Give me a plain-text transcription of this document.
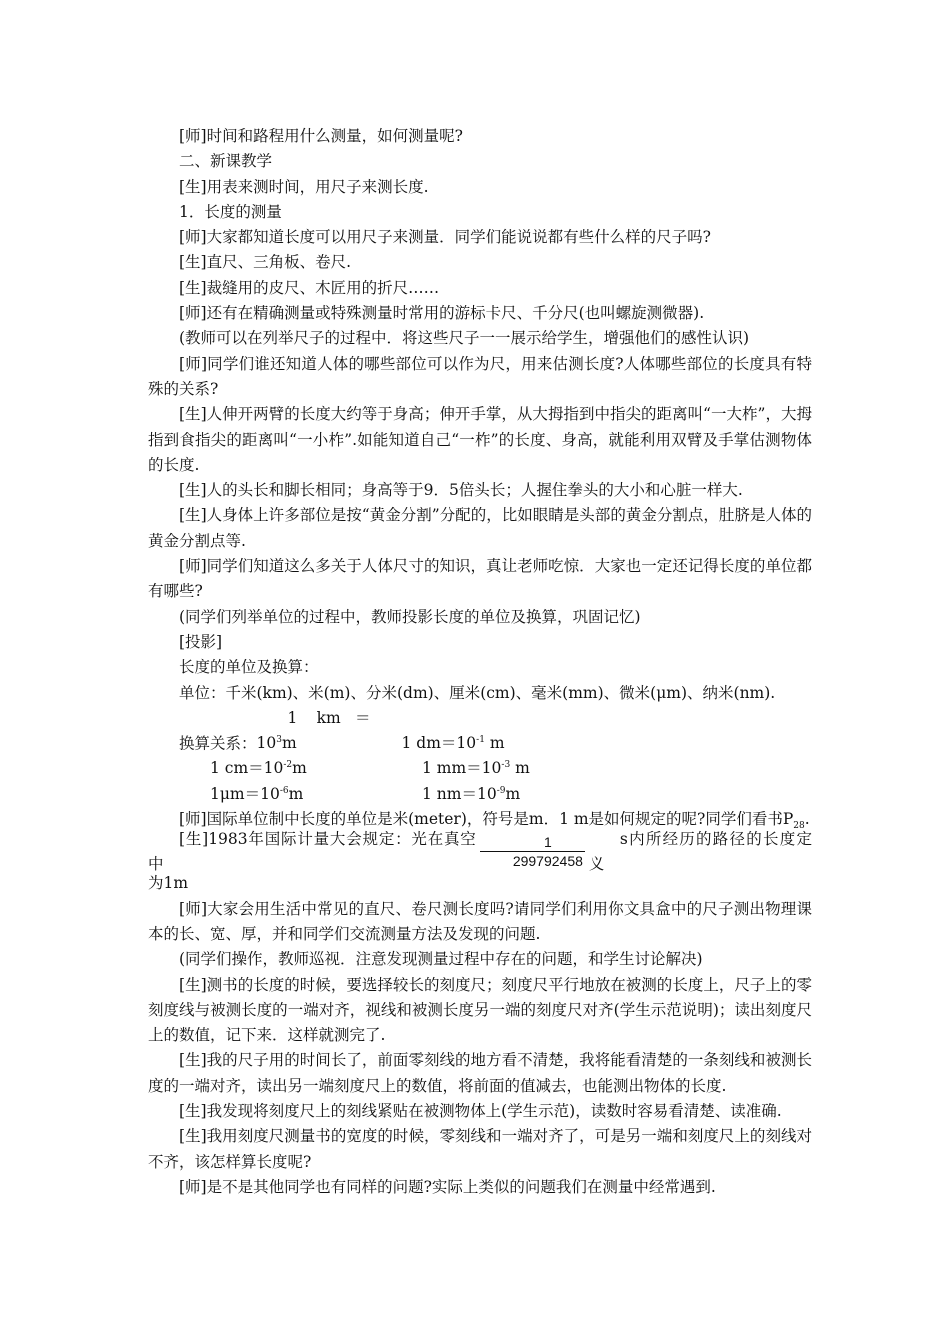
[师]时间和路程用什么测量，如何测量呢?

二、新课教学

[生]用表来测时间，用尺子来测长度.

1．长度的测量

[师]大家都知道长度可以用尺子来测量．同学们能说说都有些什么样的尺子吗?

[生]直尺、三角板、卷尺.

[生]裁缝用的皮尺、木匠用的折尺……

[师]还有在精确测量或特殊测量时常用的游标卡尺、千分尺(也叫螺旋测微器).

(教师可以在列举尺子的过程中．将这些尺子一一展示给学生，增强他们的感性认识)

[师]同学们谁还知道人体的哪些部位可以作为尺，用来估测长度?人体哪些部位的长度具有特殊的关系?

[生]人伸开两臂的长度大约等于身高；伸开手掌，从大拇指到中指尖的距离叫“一大柞”，大拇指到食指尖的距离叫“一小柞”.如能知道自己“一柞”的长度、身高，就能利用双臂及手掌估测物体的长度.

[生]人的头长和脚长相同；身高等于9．5倍头长；人握住拳头的大小和心脏一样大.

[生]人身体上许多部位是按“黄金分割”分配的，比如眼睛是头部的黄金分割点，肚脐是人体的黄金分割点等.

[师]同学们知道这么多关于人体尺寸的知识，真让老师吃惊．大家也一定还记得长度的单位都有哪些?

(同学们列举单位的过程中，教师投影长度的单位及换算，巩固记忆)

[投影]

长度的单位及换算：

单位：千米(km)、米(m)、分米(dm)、厘米(cm)、毫米(mm)、微米(μm)、纳米(nm).

换算关系：1 $km=10^3m$	1 $dm=10^{-1}$ m

1 $cm=10^{-2}m$	1 $mm=10^{-3}$ m

$1\mu m=10^{-6}m$	1 $nm=10^{-9}m$

[师]国际单位制中长度的单位是米(meter)，符号是m．1 m是如何规定的呢?同学们看书$P_{28}$.

[生]1983年国际计量大会规定：光在真空中	$\frac{1}{299792458}$	s内所经历的路径的长度定义

为1m

[师]大家会用生活中常见的直尺、卷尺测长度吗?请同学们利用你文具盒中的尺子测出物理课本的长、宽、厚，并和同学们交流测量方法及发现的问题.

(同学们操作，教师巡视．注意发现测量过程中存在的问题，和学生讨论解决)

[生]测书的长度的时候，要选择较长的刻度尺；刻度尺平行地放在被测的长度上，尺子上的零刻度线与被测长度的一端对齐，视线和被测长度另一端的刻度尺对齐(学生示范说明)；读出刻度尺上的数值，记下来．这样就测完了.

[生]我的尺子用的时间长了，前面零刻线的地方看不清楚，我将能看清楚的一条刻线和被测长度的一端对齐，读出另一端刻度尺上的数值，将前面的值减去，也能测出物体的长度.

[生]我发现将刻度尺上的刻线紧贴在被测物体上(学生示范)，读数时容易看清楚、读准确.

[生]我用刻度尺测量书的宽度的时候，零刻线和一端对齐了，可是另一端和刻度尺上的刻线对不齐，该怎样算长度呢?

[师]是不是其他同学也有同样的问题?实际上类似的问题我们在测量中经常遇到.
